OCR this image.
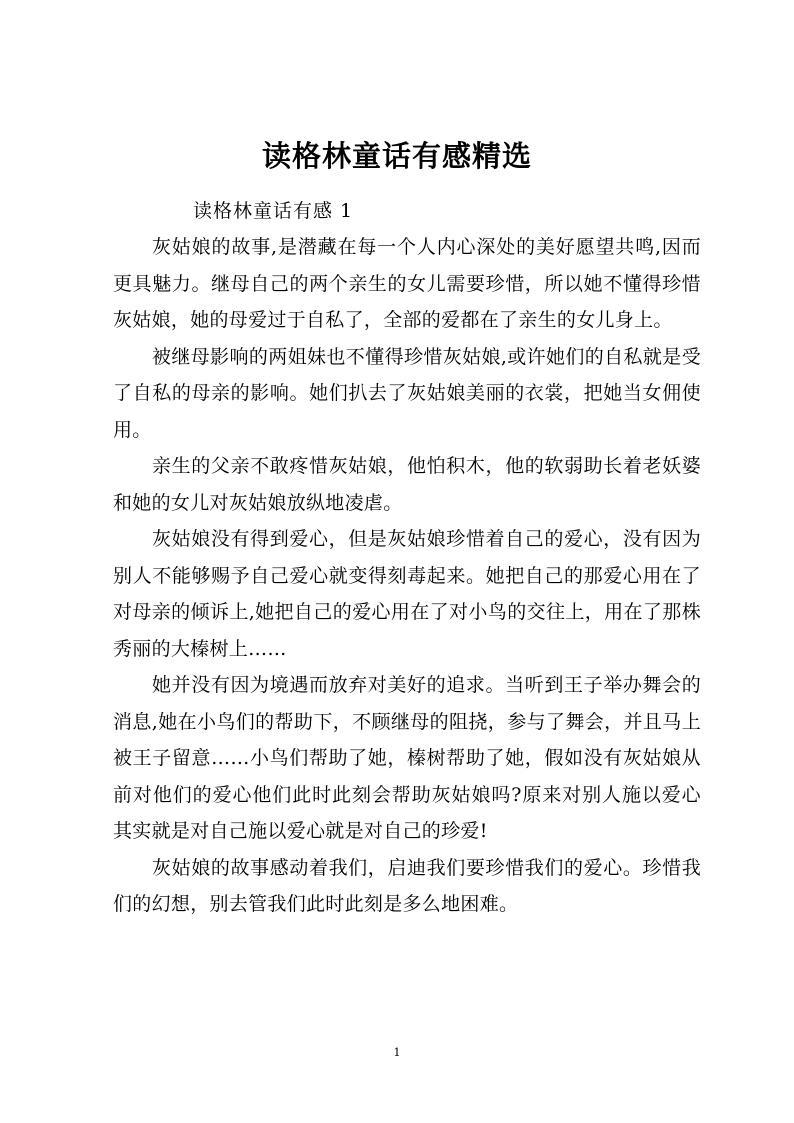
读格林童话有感精选

读格林童话有感 1

灰姑娘的故事,是潜藏在每一个人内心深处的美好愿望共鸣,因而更具魅力。继母自己的两个亲生的女儿需要珍惜，所以她不懂得珍惜灰姑娘，她的母爱过于自私了，全部的爱都在了亲生的女儿身上。

被继母影响的两姐妹也不懂得珍惜灰姑娘,或许她们的自私就是受了自私的母亲的影响。她们扒去了灰姑娘美丽的衣裳，把她当女佣使用。

亲生的父亲不敢疼惜灰姑娘，他怕积木，他的软弱助长着老妖婆和她的女儿对灰姑娘放纵地凌虐。

灰姑娘没有得到爱心，但是灰姑娘珍惜着自己的爱心，没有因为别人不能够赐予自己爱心就变得刻毒起来。她把自己的那爱心用在了对母亲的倾诉上,她把自己的爱心用在了对小鸟的交往上，用在了那株秀丽的大榛树上……

她并没有因为境遇而放弃对美好的追求。当听到王子举办舞会的消息,她在小鸟们的帮助下，不顾继母的阻挠，参与了舞会，并且马上被王子留意……小鸟们帮助了她，榛树帮助了她，假如没有灰姑娘从前对他们的爱心他们此时此刻会帮助灰姑娘吗?原来对别人施以爱心其实就是对自己施以爱心就是对自己的珍爱!

灰姑娘的故事感动着我们，启迪我们要珍惜我们的爱心。珍惜我们的幻想，别去管我们此时此刻是多么地困难。

1
